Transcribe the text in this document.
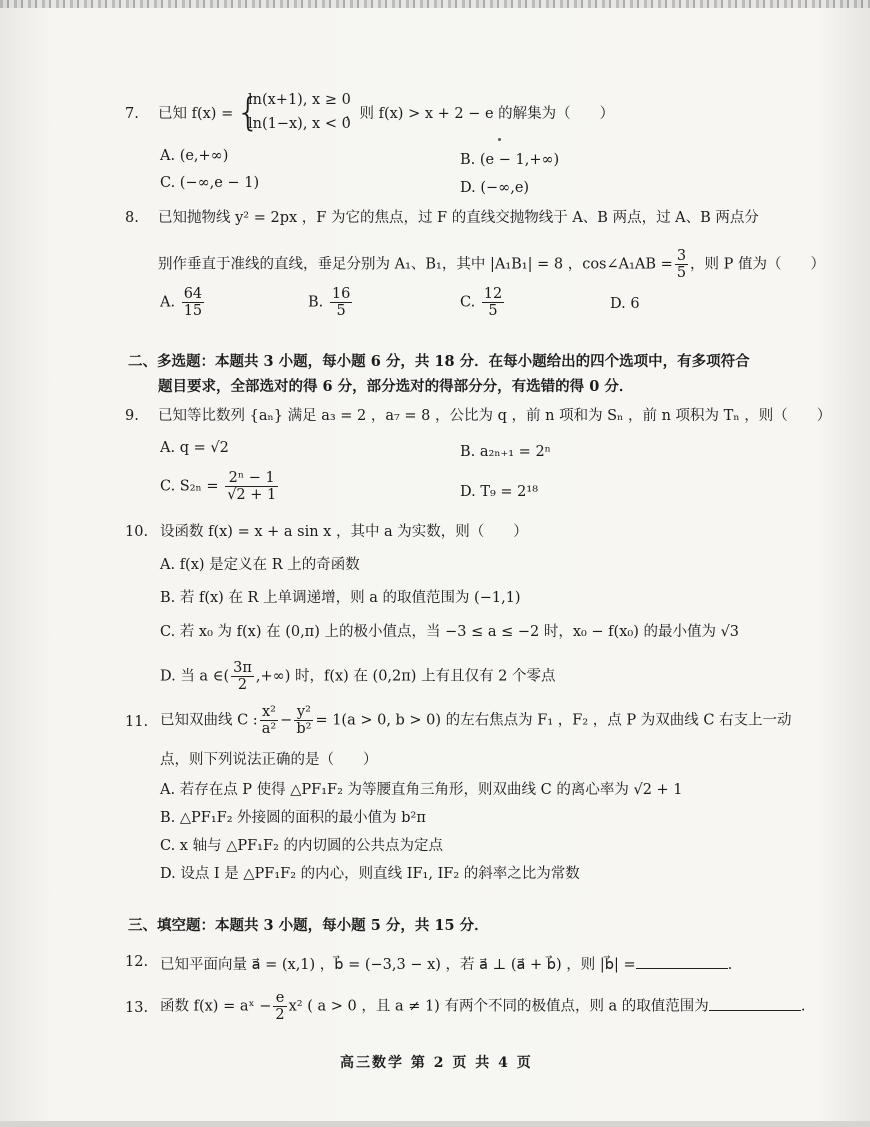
7. 已知 f(x) = {
ln(x+1), x ≥ 0
ln(1−x), x < 0
，则 f(x) > x + 2 − e 的解集为（　　）
A. (e,+∞)	B. (e − 1,+∞)
C. (−∞,e − 1)	D. (−∞,e)
8. 已知抛物线 y² = 2px ，F 为它的焦点，过 F 的直线交抛物线于 A、B 两点，过 A、B 两点分
别作垂直于准线的直线，垂足分别为 A₁、B₁，其中 |A₁B₁| = 8 ，cos∠A₁AB = $\frac{3}{5}$ ，则 P 值为（　　）
A. $\frac{64}{15}$	B. $\frac{16}{5}$	C. $\frac{12}{5}$	D. 6
二、多选题：本题共 3 小题，每小题 6 分，共 18 分．在每小题给出的四个选项中，有多项符合
题目要求，全部选对的得 6 分，部分选对的得部分分，有选错的得 0 分．
9. 已知等比数列 {aₙ} 满足 a₃ = 2 ，a₇ = 8 ，公比为 q ，前 n 项和为 Sₙ ，前 n 项积为 Tₙ ，则（　　）
A. q = √2	B. a₂ₙ₊₁ = 2ⁿ
C. $S_{2n} = \frac{\text{2ⁿ − 1}}{√2 + 1}$	D. T₉ = 2¹⁸
10. 设函数 f(x) = x + a sin x ，其中 a 为实数，则（　　）
A. f(x) 是定义在 R 上的奇函数
B. 若 f(x) 在 R 上单调递增，则 a 的取值范围为 (−1,1)
C. 若 x₀ 为 f(x) 在 (0,π) 上的极小值点，当 −3 ≤ a ≤ −2 时，x₀ − f(x₀) 的最小值为 √3
D. 当 a ∈( $\frac{3\pi}{2}$ ,+∞) 时，f(x) 在 (0,2π) 上有且仅有 2 个零点
11. 已知双曲线 C : $\frac{\text{x²}}{\text{a²}} - \frac{\text{y²}}{\text{b²}} = 1(a > 0$, b > 0) 的左右焦点为 F₁ ，F₂ ，点 P 为双曲线 C 右支上一动
点，则下列说法正确的是（　　）
A. 若存在点 P 使得 △PF₁F₂ 为等腰直角三角形，则双曲线 C 的离心率为 √2 + 1
B. △PF₁F₂ 外接圆的面积的最小值为 b²π
C. x 轴与 △PF₁F₂ 的内切圆的公共点为定点
D. 设点 I 是 △PF₁F₂ 的内心，则直线 IF₁, IF₂ 的斜率之比为常数
三、填空题：本题共 3 小题，每小题 5 分，共 15 分．
12. 已知平面向量 a⃗ = (x,1) ，b⃗ = (−3,3 − x) ，若 a⃗ ⊥ (a⃗ + b⃗) ，则 |b⃗| =	.
13. 函数 f(x) = aˣ − $\frac{e}{2} x^2$ ( a > 0 ，且 a ≠ 1) 有两个不同的极值点，则 a 的取值范围为	.
高三数学 第 2 页 共 4 页
